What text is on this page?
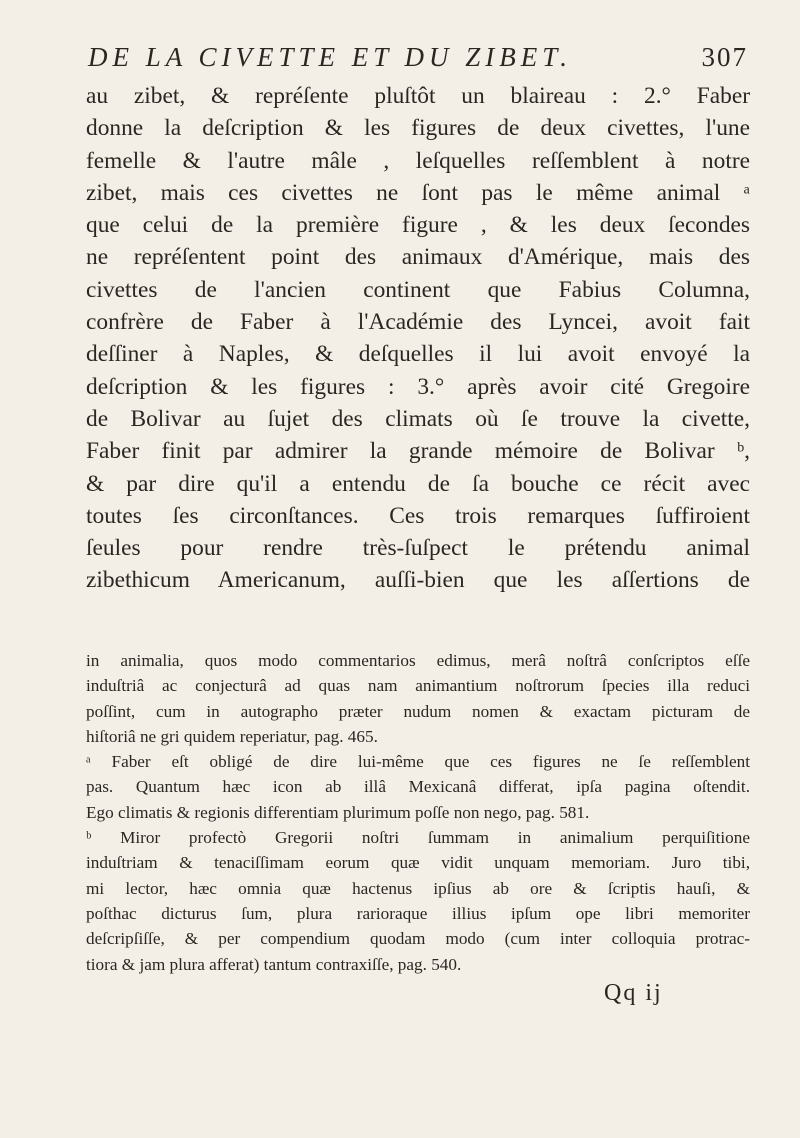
DE LA CIVETTE ET DU ZIBET.	307
au zibet, & repréſente pluſtôt un blaireau : 2.° Faber
donne la deſcription & les figures de deux civettes, l'une
femelle & l'autre mâle , leſquelles reſſemblent à notre
zibet, mais ces civettes ne ſont pas le même animal ᵃ
que celui de la première figure , & les deux ſecondes
ne repréſentent point des animaux d'Amérique, mais des
civettes de l'ancien continent que Fabius Columna,
confrère de Faber à l'Académie des Lyncei, avoit fait
deſſiner à Naples, & deſquelles il lui avoit envoyé la
deſcription & les figures : 3.° après avoir cité Gregoire
de Bolivar au ſujet des climats où ſe trouve la civette,
Faber finit par admirer la grande mémoire de Bolivar ᵇ,
& par dire qu'il a entendu de ſa bouche ce récit avec
toutes ſes circonſtances. Ces trois remarques ſuffiroient
ſeules pour rendre très-ſuſpect le prétendu animal
zibethicum Americanum, auſſi-bien que les aſſertions de
in animalia, quos modo commentarios edimus, merâ noſtrâ conſcriptos eſſe
induſtriâ ac conjecturâ ad quas nam animantium noſtrorum ſpecies illa reduci
poſſint, cum in autographo præter nudum nomen & exactam picturam de
hiſtoriâ ne gri quidem reperiatur, pag. 465.
ᵃ Faber eſt obligé de dire lui-même que ces figures ne ſe reſſemblent
pas. Quantum hæc icon ab illâ Mexicanâ differat, ipſa pagina oſtendit.
Ego climatis & regionis differentiam plurimum poſſe non nego, pag. 581.
ᵇ Miror profectò Gregorii noſtri ſummam in animalium perquiſitione
induſtriam & tenaciſſimam eorum quæ vidit unquam memoriam. Juro tibi,
mi lector, hæc omnia quæ hactenus ipſius ab ore & ſcriptis hauſi, &
poſthac dicturus ſum, plura rarioraque illius ipſum ope libri memoriter
deſcripſiſſe, & per compendium quodam modo (cum inter colloquia protrac-
tiora & jam plura afferat) tantum contraxiſſe, pag. 540.
Qq ij
